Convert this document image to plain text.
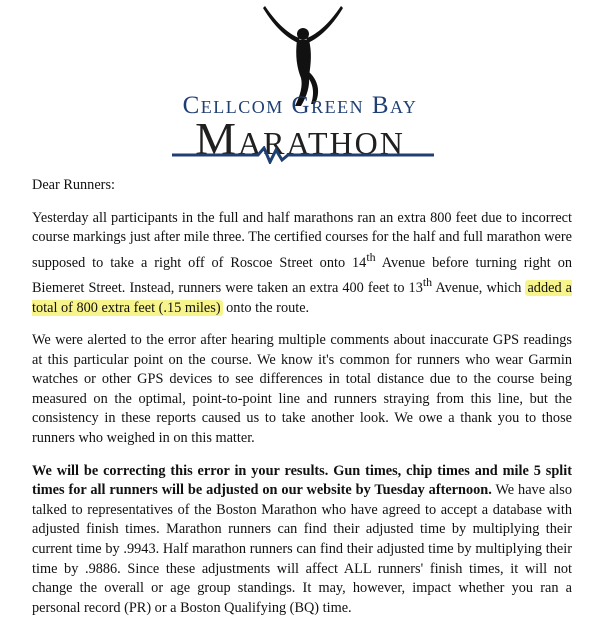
Cellcom Green Bay
Marathon

Dear Runners:

Yesterday all participants in the full and half marathons ran an extra 800 feet due to incorrect course markings just after mile three. The certified courses for the half and full marathon were supposed to take a right off of Roscoe Street onto 14th Avenue before turning right on Biemeret Street. Instead, runners were taken an extra 400 feet to 13th Avenue, which added a total of 800 extra feet (.15 miles) onto the route.

We were alerted to the error after hearing multiple comments about inaccurate GPS readings at this particular point on the course. We know it's common for runners who wear Garmin watches or other GPS devices to see differences in total distance due to the course being measured on the optimal, point-to-point line and runners straying from this line, but the consistency in these reports caused us to take another look. We owe a thank you to those runners who weighed in on this matter.

We will be correcting this error in your results. Gun times, chip times and mile 5 split times for all runners will be adjusted on our website by Tuesday afternoon. We have also talked to representatives of the Boston Marathon who have agreed to accept a database with adjusted finish times. Marathon runners can find their adjusted time by multiplying their current time by .9943. Half marathon runners can find their adjusted time by multiplying their time by .9886. Since these adjustments will affect ALL runners' finish times, it will not change the overall or age group standings. It may, however, impact whether you ran a personal record (PR) or a Boston Qualifying (BQ) time.
